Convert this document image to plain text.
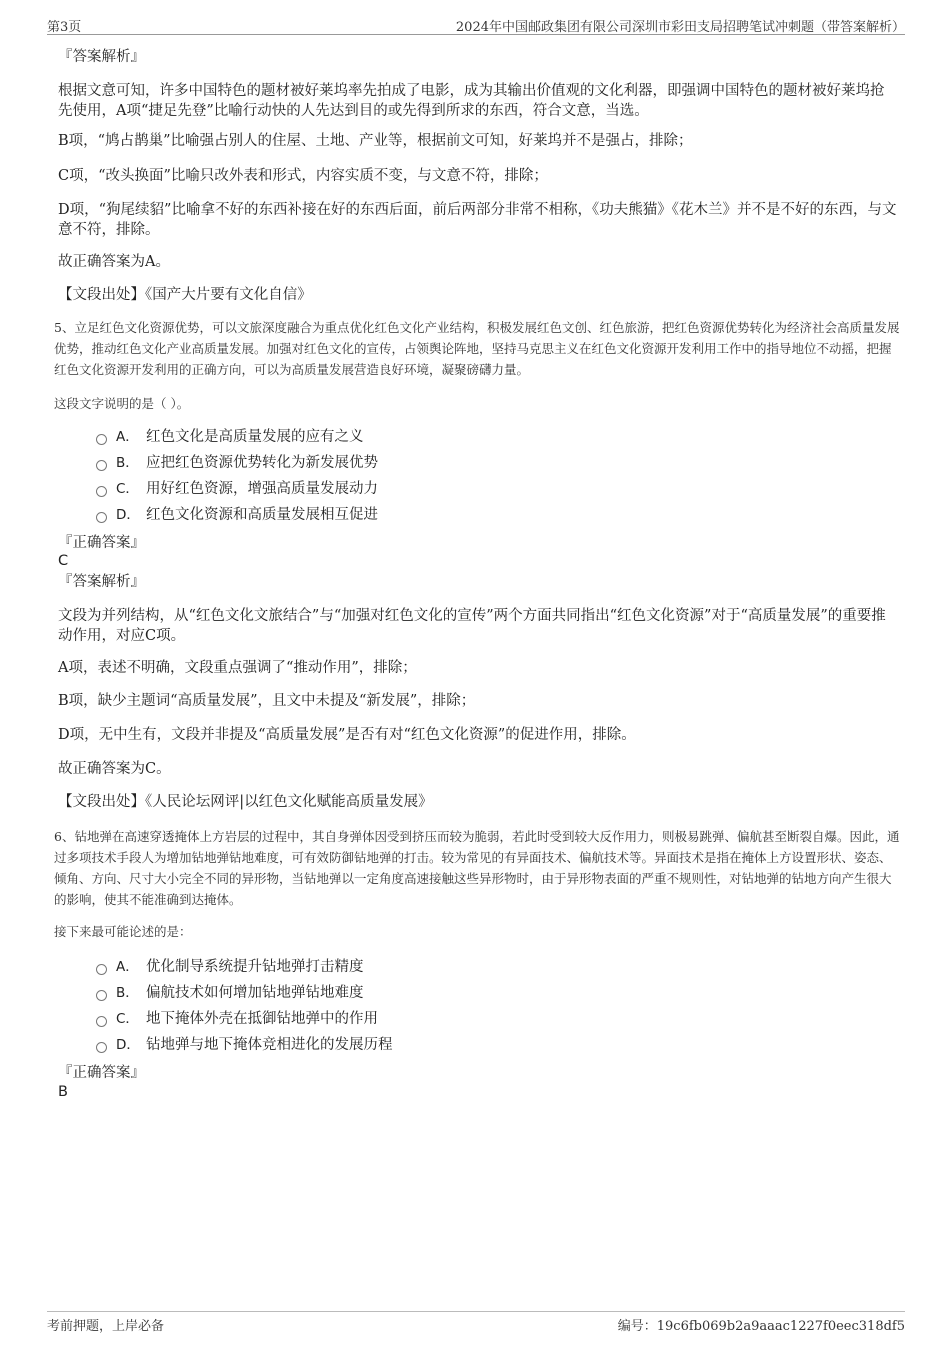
第3页	2024年中国邮政集团有限公司深圳市彩田支局招聘笔试冲刺题（带答案解析）
『答案解析』
根据文意可知，许多中国特色的题材被好莱坞率先拍成了电影，成为其输出价值观的文化利器，即强调中国特色的题材被好莱坞抢先使用，A项“捷足先登”比喻行动快的人先达到目的或先得到所求的东西，符合文意，当选。
B项，“鸠占鹊巢”比喻强占别人的住屋、土地、产业等，根据前文可知，好莱坞并不是强占，排除；
C项，“改头换面”比喻只改外表和形式，内容实质不变，与文意不符，排除；
D项，“狗尾续貂”比喻拿不好的东西补接在好的东西后面，前后两部分非常不相称，《功夫熊猫》《花木兰》并不是不好的东西，与文意不符，排除。
故正确答案为A。
【文段出处】《国产大片要有文化自信》
5、立足红色文化资源优势，可以文旅深度融合为重点优化红色文化产业结构，积极发展红色文创、红色旅游，把红色资源优势转化为经济社会高质量发展优势，推动红色文化产业高质量发展。加强对红色文化的宣传，占领舆论阵地，坚持马克思主义在红色文化资源开发利用工作中的指导地位不动摇，把握红色文化资源开发利用的正确方向，可以为高质量发展营造良好环境，凝聚磅礴力量。
这段文字说明的是（ ）。
A． 红色文化是高质量发展的应有之义
B． 应把红色资源优势转化为新发展优势
C． 用好红色资源，增强高质量发展动力
D． 红色文化资源和高质量发展相互促进
『正确答案』
C
『答案解析』
文段为并列结构，从“红色文化文旅结合”与“加强对红色文化的宣传”两个方面共同指出“红色文化资源”对于“高质量发展”的重要推动作用，对应C项。
A项，表述不明确，文段重点强调了“推动作用”，排除；
B项，缺少主题词“高质量发展”，且文中未提及“新发展”，排除；
D项，无中生有，文段并非提及“高质量发展”是否有对“红色文化资源”的促进作用，排除。
故正确答案为C。
【文段出处】《人民论坛网评|以红色文化赋能高质量发展》
6、钻地弹在高速穿透掩体上方岩层的过程中，其自身弹体因受到挤压而较为脆弱，若此时受到较大反作用力，则极易跳弹、偏航甚至断裂自爆。因此，通过多项技术手段人为增加钻地弹钻地难度，可有效防御钻地弹的打击。较为常见的有异面技术、偏航技术等。异面技术是指在掩体上方设置形状、姿态、倾角、方向、尺寸大小完全不同的异形物，当钻地弹以一定角度高速接触这些异形物时，由于异形物表面的严重不规则性，对钻地弹的钻地方向产生很大的影响，使其不能准确到达掩体。
接下来最可能论述的是：
A． 优化制导系统提升钻地弹打击精度
B． 偏航技术如何增加钻地弹钻地难度
C． 地下掩体外壳在抵御钻地弹中的作用
D． 钻地弹与地下掩体竞相进化的发展历程
『正确答案』
B
考前押题，上岸必备	编号：19c6fb069b2a9aaac1227f0eec318df5
